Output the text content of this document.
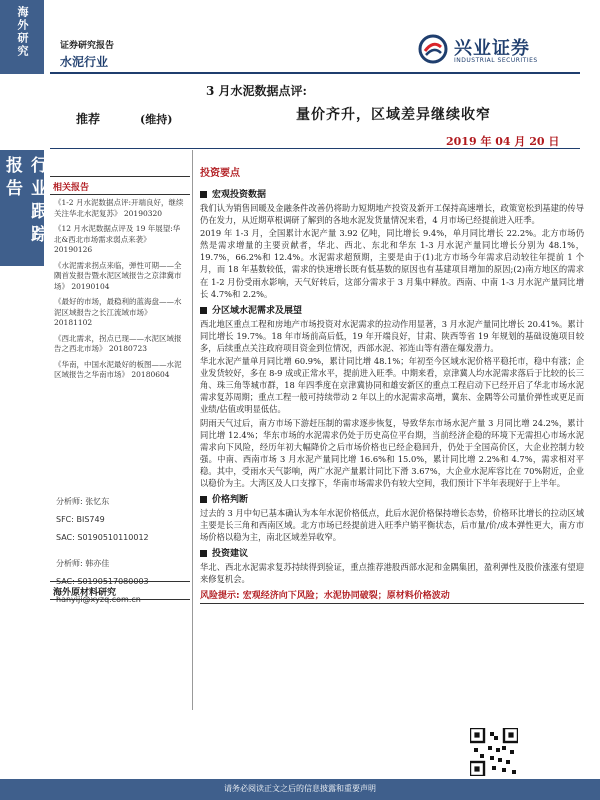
海外研究
行业跟踪报告
证券研究报告
水泥行业
兴业证券
INDUSTRIAL SECURITIES
3 月水泥数据点评:
推荐	(维持)	量价齐升，区域差异继续收窄
2019 年 04 月 20 日
相关报告
《1-2 月水泥数据点评:开端良好，继续关注华北水泥复苏》 20190320
《12 月水泥数据点评及 19 年展望:华北&西北市场需求弱点来袭》 20190126
《水泥需求拐点来临，弹性可期——全隅首发报告暨水泥区域报告之京津冀市场》 20190104
《最好的市场，最稳利的蓝海盘——水泥区域报告之长江流域市场》 20181102
《西北需求，拐点已现——水泥区域报告之西北市场》 20180723
《华南，中国水泥最好的板图——水泥区域报告之华南市场》 20180604
海外原材料研究
分析师: 张忆东
SFC: BIS749
SAC: S0190510110012
分析师: 韩亦佳
SAC: S0190517080003
hanyiji@xyzq.com.cn
投资要点
宏观投资数据
我们认为销售回暖及金融条件改善仍将助力短期地产投资及新开工保持高速增长，政策宽松到基建的传导仍在发力，从近期草根调研了解到的各地水泥发货量情况来看，4 月市场已经提前进入旺季。
2019 年 1-3 月，全国累计水泥产量 3.92 亿吨，同比增长 9.4%，单月同比增长 22.2%。北方市场仍然是需求增量的主要贡献者，华北、西北、东北和华东 1-3 月水泥产量同比增长分别为 48.1%，19.7%，66.2%和 12.4%。水泥需求超预期，主要是由于(1)北方市场今年需求启动较往年提前 1 个月，而 18 年基数较低，需求的快速增长既有低基数的原因也有基建项目增加的原因;(2)南方地区的需求在 1-2 月份受雨水影响，天气好转后，这部分需求于 3 月集中释放。西南、中南 1-3 月水泥产量同比增长 4.7%和 2.2%。
分区域水泥需求及展望
西北地区重点工程和房地产市场投资对水泥需求的拉动作用显著，3 月水泥产量同比增长 20.41%。累计同比增长 19.7%。18 年市场前高后低，19 年开端良好，甘肃、陕西等省 19 年规划的基础设施项目较多，后续重点关注政府项目资金到位情况，西部水泥、祁连山等有潜在爆发潜力。
华北水泥产量单月同比增 60.9%，累计同比增 48.1%；年初至今区域水泥价格平稳托市，稳中有涨；企业发货较好，多在 8-9 成或正常水平，提前进入旺季。中期来看，京津冀人均水泥需求落后于比较的长三角、珠三角等城市群，18 年四季度在京津冀协同和雄安新区的重点工程启动下已经开启了华北市场水泥需求复苏周期；重点工程一般可持续带动 2 年以上的水泥需求高增，冀东、金隅等公司量价弹性或更足而业绩/估值或明显低估。
阴雨天气过后，南方市场下游赶压制的需求逐步恢复，导致华东市场水泥产量 3 月同比增 24.2%，累计同比增 12.4%；华东市场的水泥需求仍处于历史高位平台期，当前经济企稳的环境下无需担心市场水泥需求向下风险，经历年初大幅降价之后市场价格也已经企稳回升，仍处于全国高价区，大企业控制力较强。中南、西南市场 3 月水泥产量同比增 16.6%和 15.0%，累计同比增 2.2%和 4.7%，需求相对平稳。其中，受雨水天气影响，两广水泥产量累计同比下滑 3.67%，大企业水泥库容比在 70%附近，企业以稳价为主。大湾区及人口支撑下，华南市场需求仍有较大空间，我们预计下半年表现好于上半年。
价格判断
过去的 3 月中旬已基本确认为本年水泥价格低点，此后水泥价格保持增长态势，价格环比增长的拉动区域主要是长三角和西南区域。北方市场已经提前进入旺季户销平衡状态，后市量/价/成本弹性更大，南方市场价格以稳为主，南北区域差异收窄。
投资建议
华北、西北水泥需求复苏持续得到验证，重点推荐港股西部水泥和金隅集团，盈利弹性及股价涨涨有望迎来修复机会。
风险提示: 宏观经济向下风险；水泥协同破裂；原材料价格波动
请务必阅读正文之后的信息披露和重要声明
